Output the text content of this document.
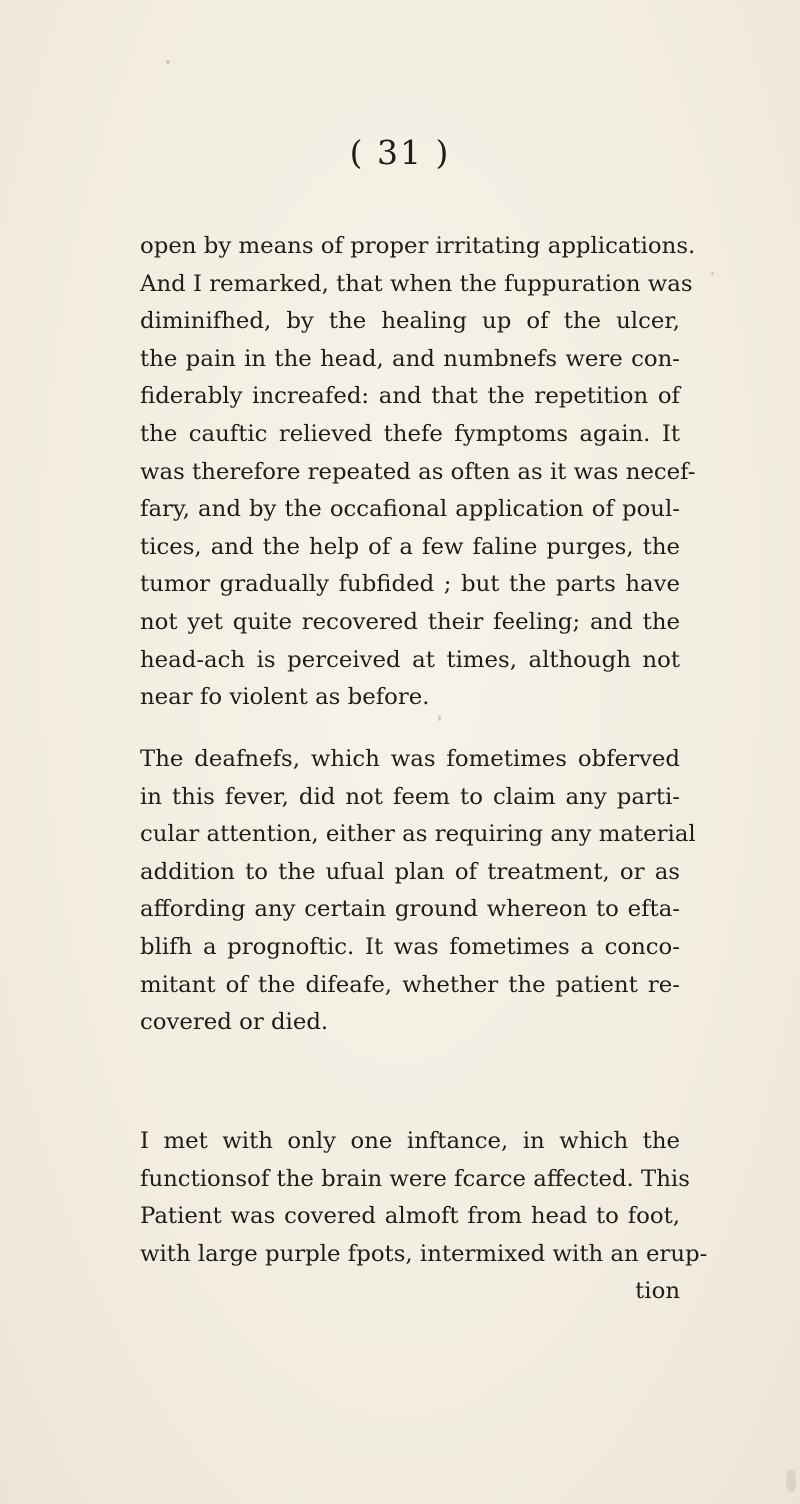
( 31 )
open by means of proper irritating applications.
And I remarked, that when the fuppuration was
diminifhed, by the healing up of the ulcer,
the pain in the head, and numbnefs were con-
fiderably increafed: and that the repetition of
the cauftic relieved thefe fymptoms again. It
was therefore repeated as often as it was necef-
fary, and by the occafional application of poul-
tices, and the help of a few faline purges, the
tumor gradually fubfided ; but the parts have
not yet quite recovered their feeling; and the
head-ach is perceived at times, although not
near fo violent as before.
The deafnefs, which was fometimes obferved
in this fever, did not feem to claim any parti-
cular attention, either as requiring any material
addition to the ufual plan of treatment, or as
affording any certain ground whereon to efta-
blifh a prognoftic. It was fometimes a conco-
mitant of the difeafe, whether the patient re-
covered or died.
I met with only one inftance, in which the
functionsof the brain were fcarce affected. This
Patient was covered almoft from head to foot,
with large purple fpots, intermixed with an erup-
tion
